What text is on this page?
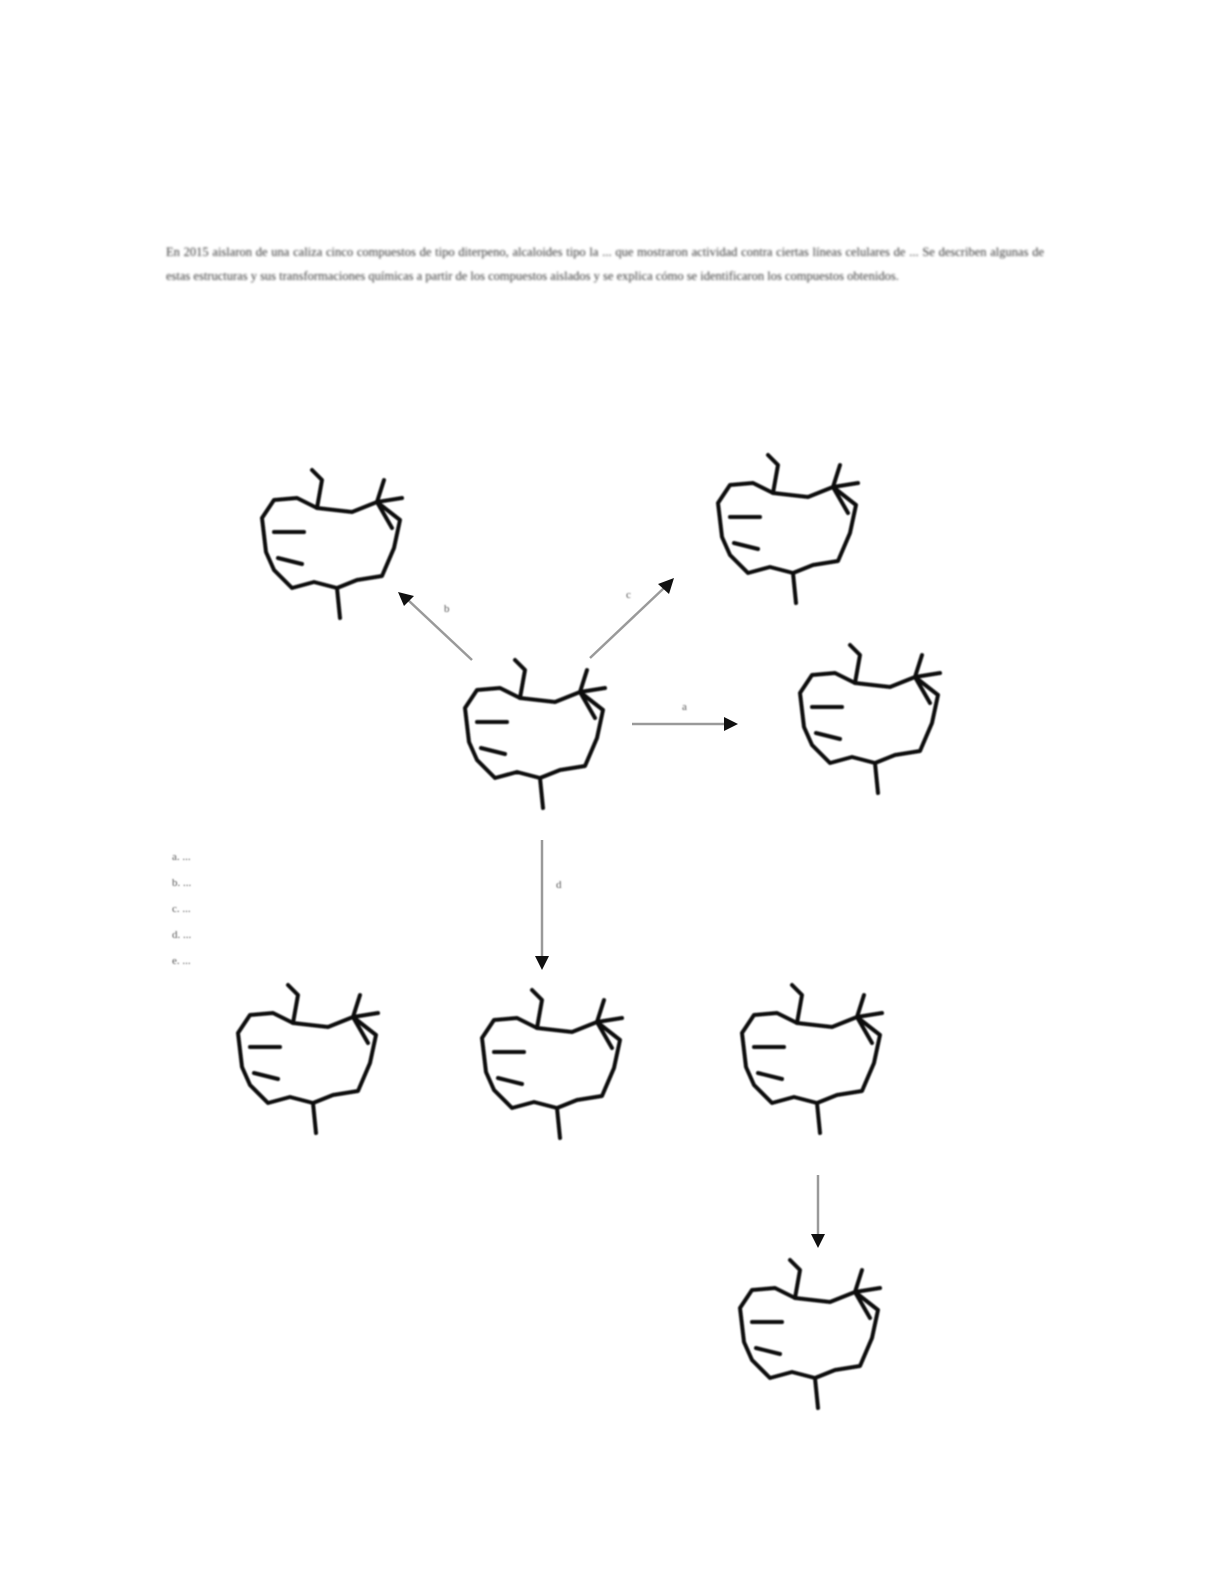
En 2015 aislaron de una caliza cinco compuestos de tipo diterpeno, alcaloides tipo la ... que mostraron actividad contra ciertas líneas celulares de ... Se describen algunas de estas estructuras y sus transformaciones químicas a partir de los compuestos aislados y se explica cómo se identificaron los compuestos obtenidos.
b
c
a
d
a. ...
b. ...
c. ...
d. ...
e. ...
